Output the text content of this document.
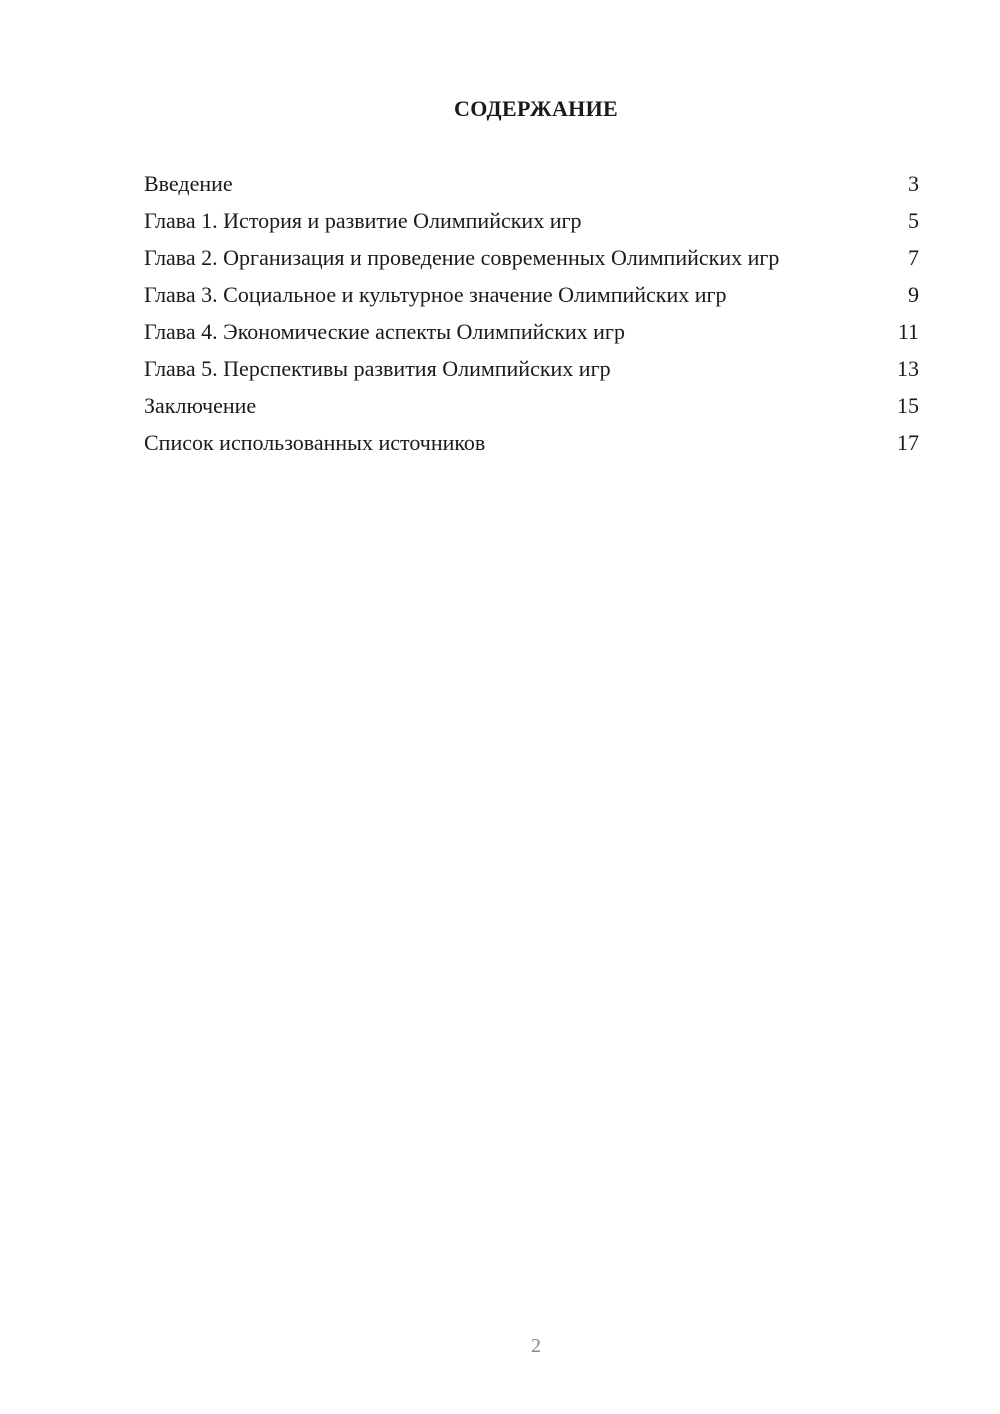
СОДЕРЖАНИЕ
Введение	3
Глава 1. История и развитие Олимпийских игр	5
Глава 2. Организация и проведение современных Олимпийских игр	7
Глава 3. Социальное и культурное значение Олимпийских игр	9
Глава 4. Экономические аспекты Олимпийских игр	11
Глава 5. Перспективы развития Олимпийских игр	13
Заключение	15
Список использованных источников	17
2
